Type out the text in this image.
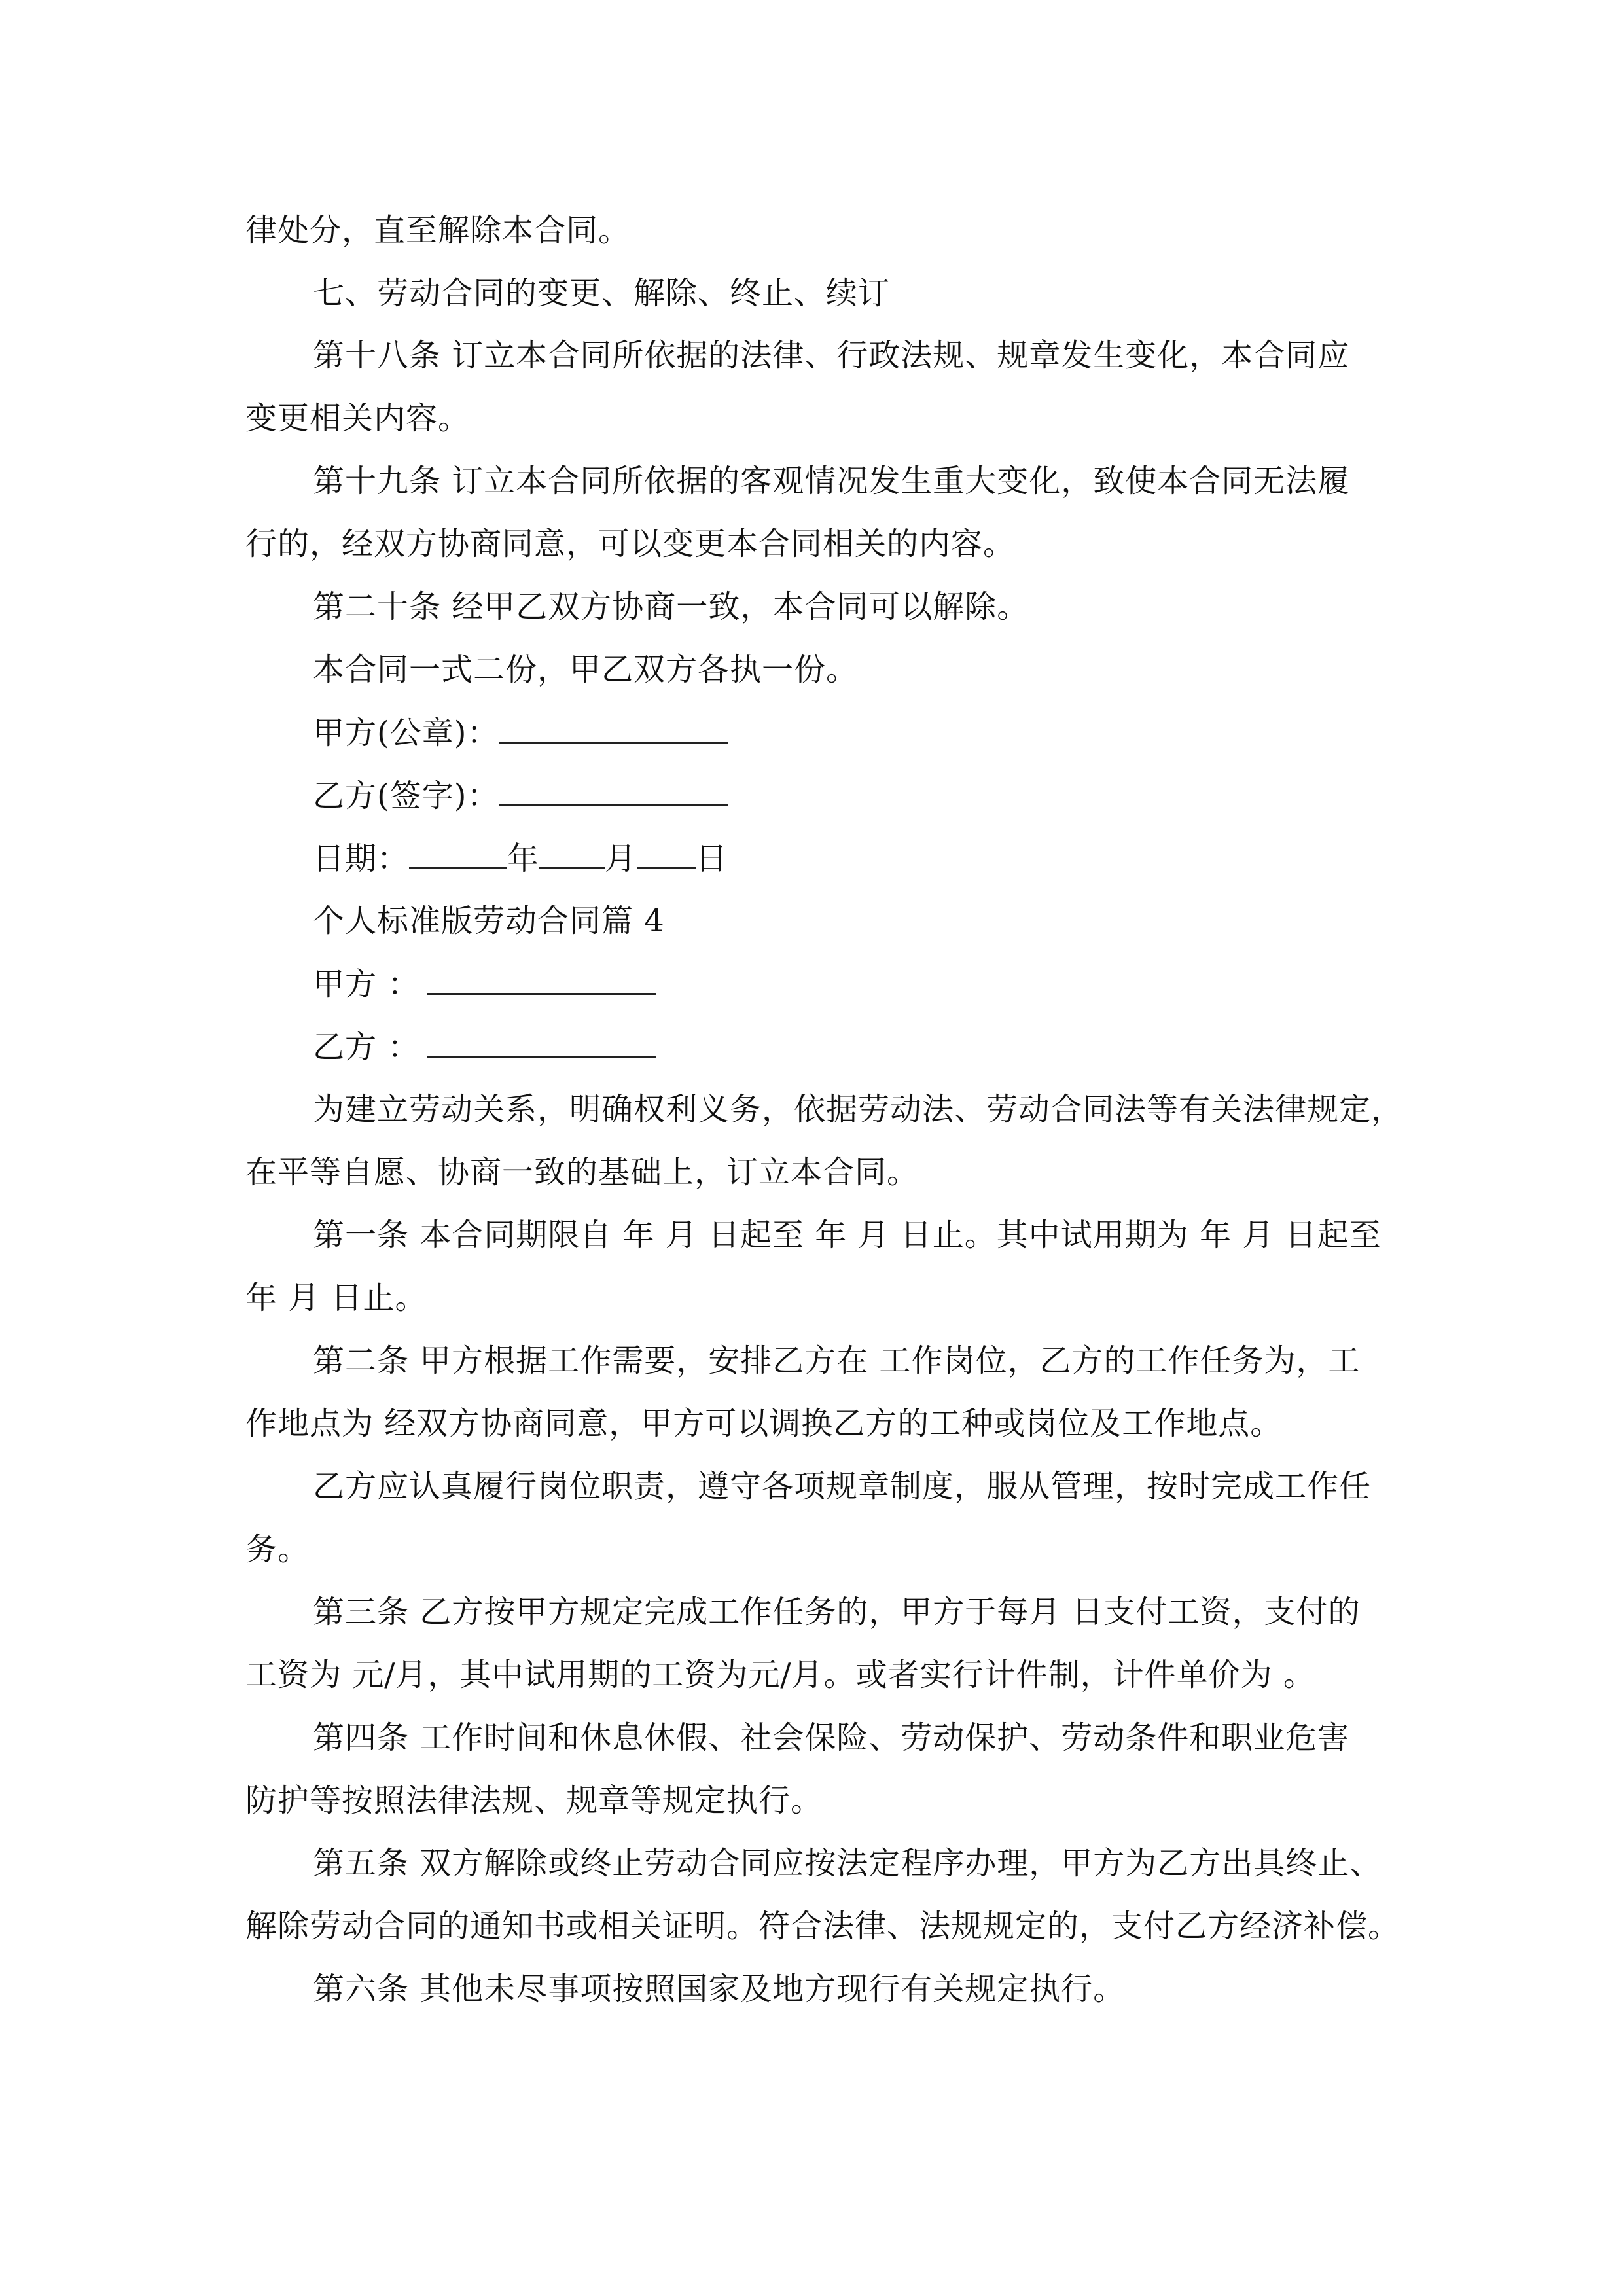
律处分，直至解除本合同。
七、劳动合同的变更、解除、终止、续订
第十八条 订立本合同所依据的法律、行政法规、规章发生变化，本合同应
变更相关内容。
第十九条 订立本合同所依据的客观情况发生重大变化，致使本合同无法履
行的，经双方协商同意，可以变更本合同相关的内容。
第二十条 经甲乙双方协商一致，本合同可以解除。
本合同一式二份，甲乙双方各执一份。
甲方(公章)：
乙方(签字)：
日期：	年 月 日
个人标准版劳动合同篇 4
甲方 ：
乙方 ：
为建立劳动关系，明确权利义务，依据劳动法、劳动合同法等有关法律规定，
在平等自愿、协商一致的基础上，订立本合同。
第一条 本合同期限自 年 月 日起至 年 月 日止。其中试用期为 年 月 日起至
年 月 日止。
第二条 甲方根据工作需要，安排乙方在 工作岗位，乙方的工作任务为，工
作地点为 经双方协商同意，甲方可以调换乙方的工种或岗位及工作地点。
乙方应认真履行岗位职责，遵守各项规章制度，服从管理，按时完成工作任
务。
第三条 乙方按甲方规定完成工作任务的，甲方于每月 日支付工资，支付的
工资为 元/月，其中试用期的工资为元/月。或者实行计件制，计件单价为 。
第四条 工作时间和休息休假、社会保险、劳动保护、劳动条件和职业危害
防护等按照法律法规、规章等规定执行。
第五条 双方解除或终止劳动合同应按法定程序办理，甲方为乙方出具终止、
解除劳动合同的通知书或相关证明。符合法律、法规规定的，支付乙方经济补偿。
第六条 其他未尽事项按照国家及地方现行有关规定执行。
